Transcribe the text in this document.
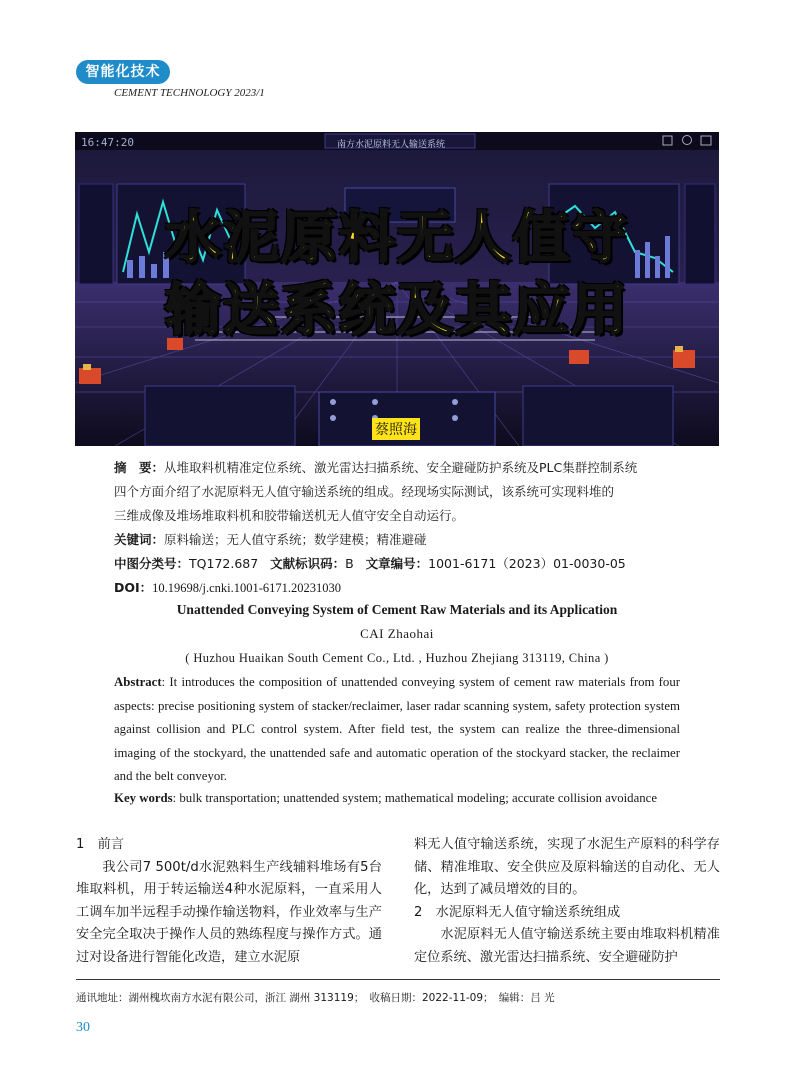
智能化技术
CEMENT TECHNOLOGY 2023/1
16:47:20	南方水泥原料无人输送系统
水泥原料无人值守
输送系统及其应用
蔡照海
摘　要：从堆取料机精准定位系统、激光雷达扫描系统、安全避碰防护系统及PLC集群控制系统
四个方面介绍了水泥原料无人值守输送系统的组成。经现场实际测试，该系统可实现料堆的
三维成像及堆场堆取料机和胶带输送机无人值守安全自动运行。
关键词：原料输送；无人值守系统；数学建模；精准避碰
中图分类号：TQ172.687 文献标识码：B 文章编号：1001-6171（2023）01-0030-05
DOI：10.19698/j.cnki.1001-6171.20231030
Unattended Conveying System of Cement Raw Materials and its Application
CAI Zhaohai
( Huzhou Huaikan South Cement Co., Ltd. , Huzhou Zhejiang 313119, China )
Abstract: It introduces the composition of unattended conveying system of cement raw materials from four aspects: precise positioning system of stacker/reclaimer, laser radar scanning system, safety protection system against collision and PLC control system. After field test, the system can realize the three-dimensional imaging of the stockyard, the unattended safe and automatic operation of the stockyard stacker, the reclaimer and the belt conveyor.
Key words: bulk transportation; unattended system; mathematical modeling; accurate collision avoidance

1　前言

我公司7 500t/d水泥熟料生产线辅料堆场有5台堆取料机，用于转运输送4种水泥原料，一直采用人工调车加半远程手动操作输送物料，作业效率与生产安全完全取决于操作人员的熟练程度与操作方式。通过对设备进行智能化改造，建立水泥原

料无人值守输送系统，实现了水泥生产原料的科学存储、精准堆取、安全供应及原料输送的自动化、无人化，达到了减员增效的目的。

2　水泥原料无人值守输送系统组成

水泥原料无人值守输送系统主要由堆取料机精准定位系统、激光雷达扫描系统、安全避碰防护

通讯地址：湖州槐坎南方水泥有限公司，浙江 湖州 313119；　收稿日期：2022-11-09；　编辑：吕 光
30
